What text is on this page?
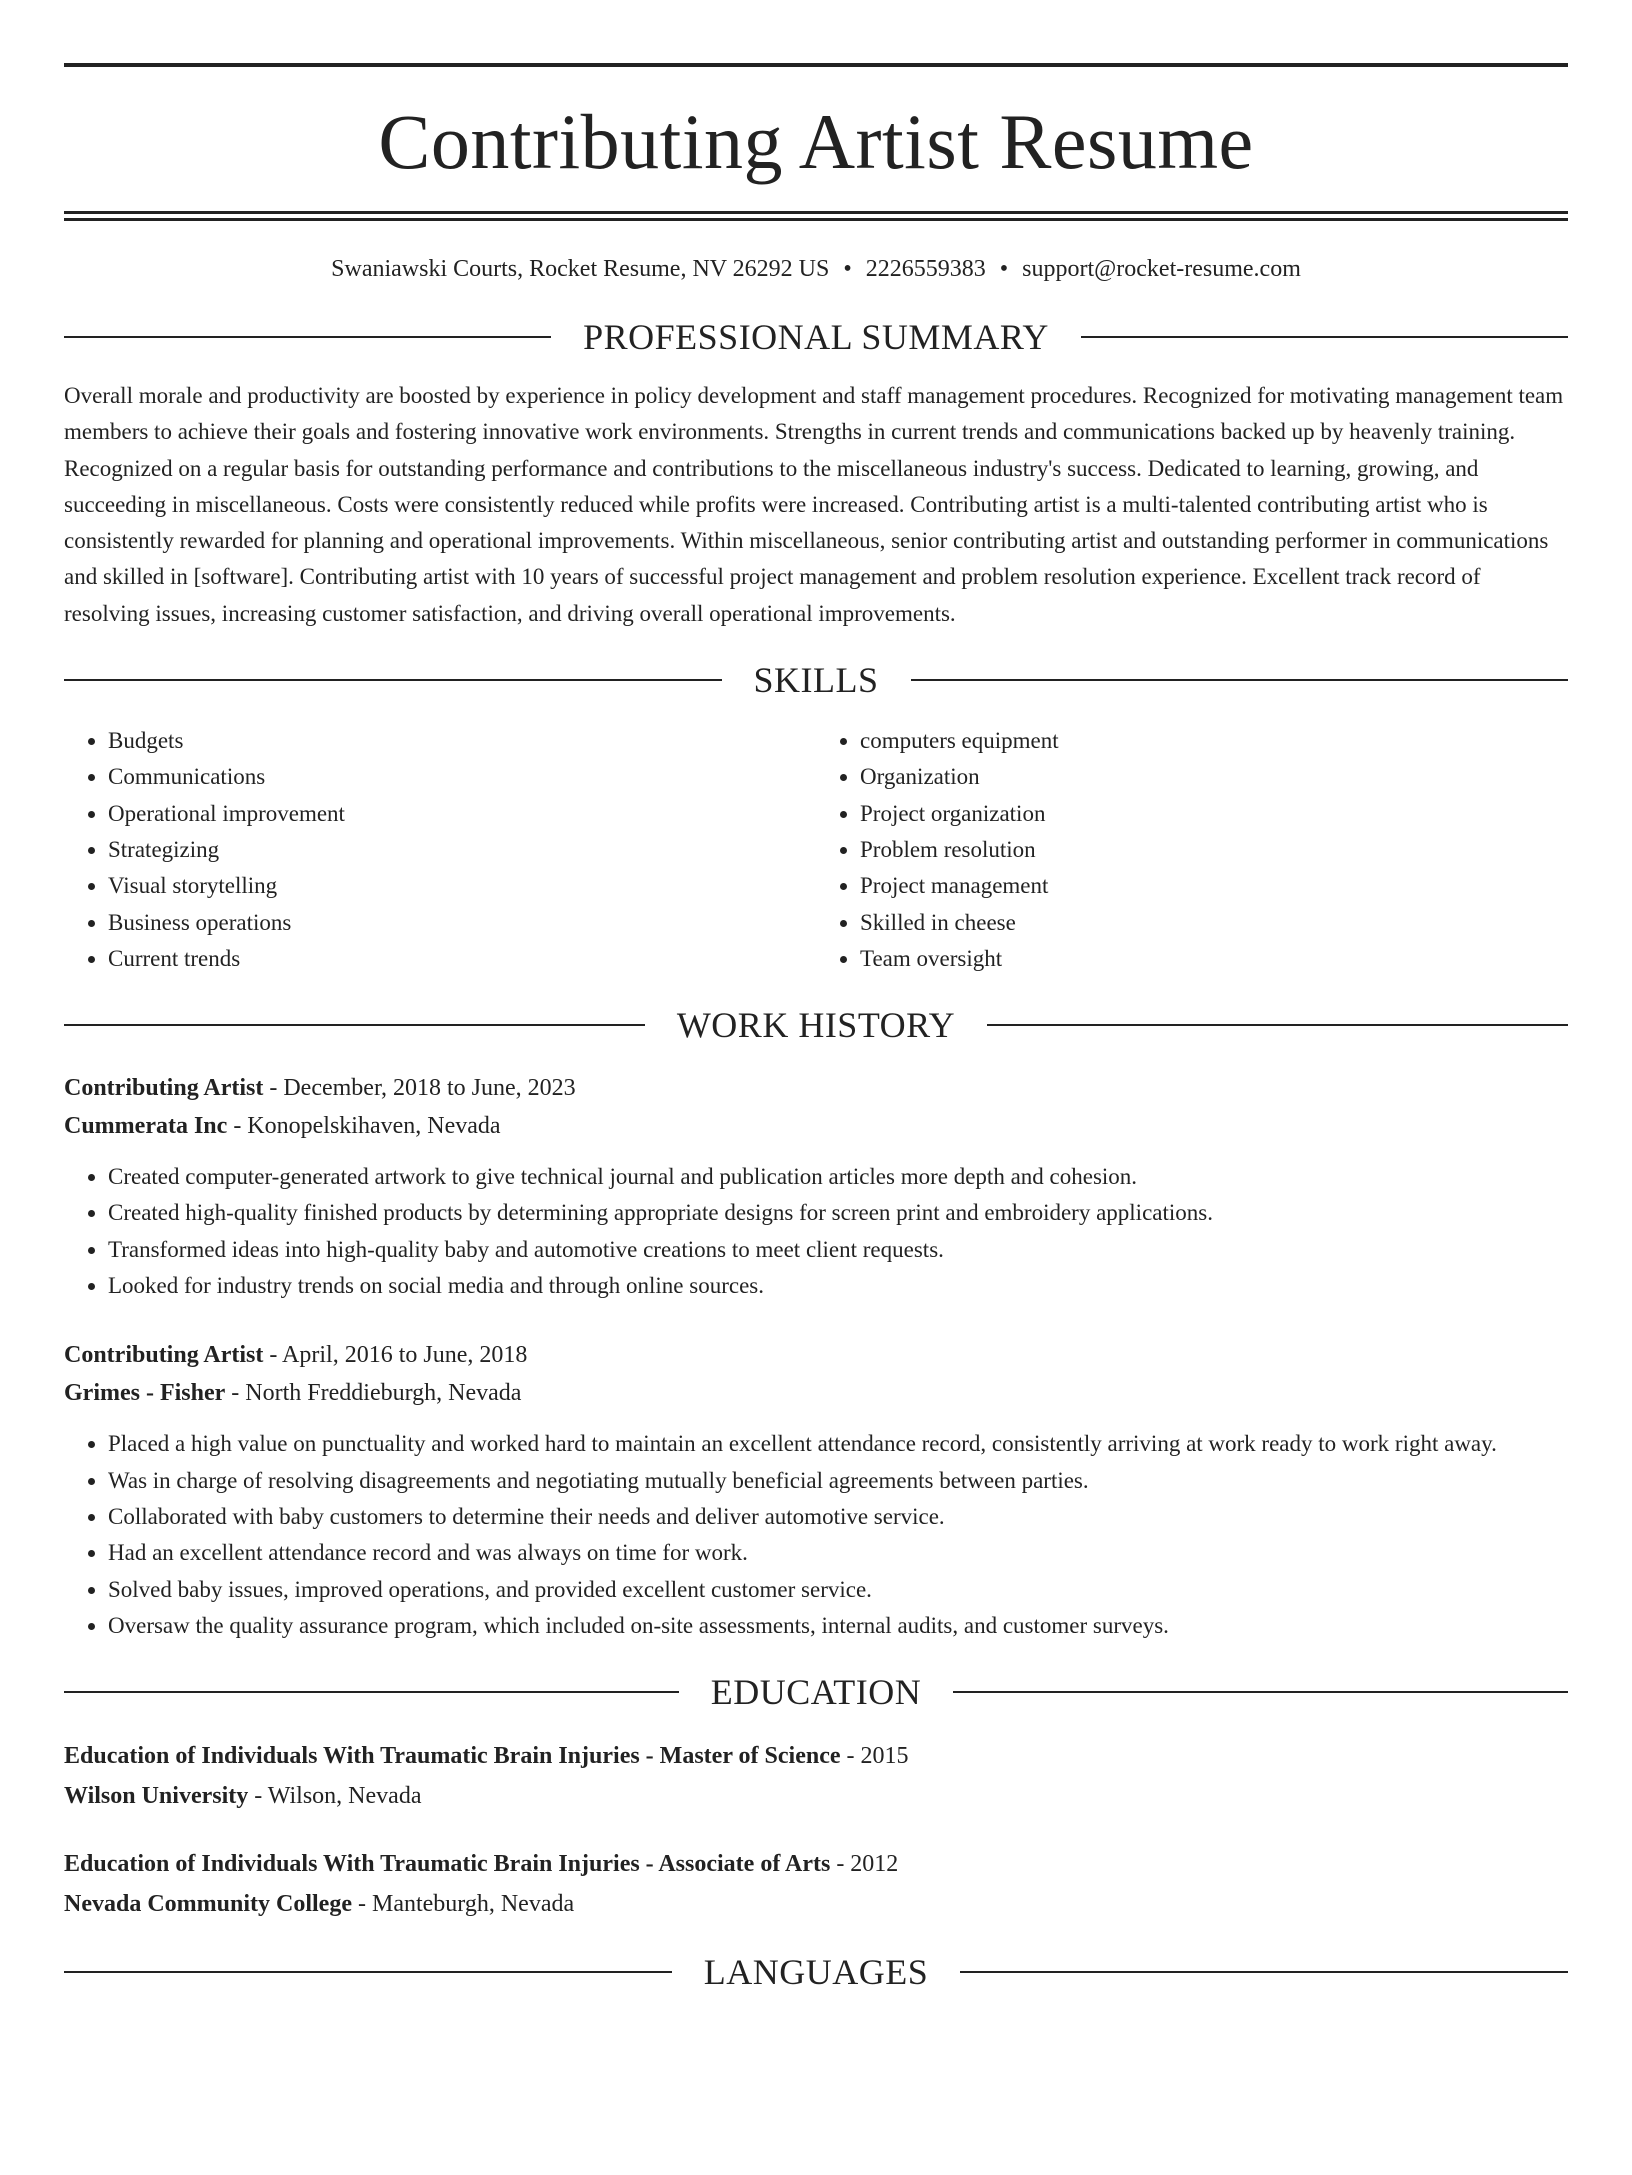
Contributing Artist Resume
Swaniawski Courts, Rocket Resume, NV 26292 US • 2226559383 • support@rocket-resume.com
PROFESSIONAL SUMMARY

Overall morale and productivity are boosted by experience in policy development and staff management procedures. Recognized for motivating management team members to achieve their goals and fostering innovative work environments. Strengths in current trends and communications backed up by heavenly training. Recognized on a regular basis for outstanding performance and contributions to the miscellaneous industry's success. Dedicated to learning, growing, and succeeding in miscellaneous. Costs were consistently reduced while profits were increased. Contributing artist is a multi-talented contributing artist who is consistently rewarded for planning and operational improvements. Within miscellaneous, senior contributing artist and outstanding performer in communications and skilled in [software]. Contributing artist with 10 years of successful project management and problem resolution experience. Excellent track record of resolving issues, increasing customer satisfaction, and driving overall operational improvements.

SKILLS
• Budgets
• Communications
• Operational improvement
• Strategizing
• Visual storytelling
• Business operations
• Current trends
• computers equipment
• Organization
• Project organization
• Problem resolution
• Project management
• Skilled in cheese
• Team oversight
WORK HISTORY
Contributing Artist - December, 2018 to June, 2023
Cummerata Inc - Konopelskihaven, Nevada
• Created computer-generated artwork to give technical journal and publication articles more depth and cohesion.
• Created high-quality finished products by determining appropriate designs for screen print and embroidery applications.
• Transformed ideas into high-quality baby and automotive creations to meet client requests.
• Looked for industry trends on social media and through online sources.
Contributing Artist - April, 2016 to June, 2018
Grimes - Fisher - North Freddieburgh, Nevada
• Placed a high value on punctuality and worked hard to maintain an excellent attendance record, consistently arriving at work ready to work right away.
• Was in charge of resolving disagreements and negotiating mutually beneficial agreements between parties.
• Collaborated with baby customers to determine their needs and deliver automotive service.
• Had an excellent attendance record and was always on time for work.
• Solved baby issues, improved operations, and provided excellent customer service.
• Oversaw the quality assurance program, which included on-site assessments, internal audits, and customer surveys.
EDUCATION
Education of Individuals With Traumatic Brain Injuries - Master of Science - 2015
Wilson University - Wilson, Nevada
Education of Individuals With Traumatic Brain Injuries - Associate of Arts - 2012
Nevada Community College - Manteburgh, Nevada
LANGUAGES
